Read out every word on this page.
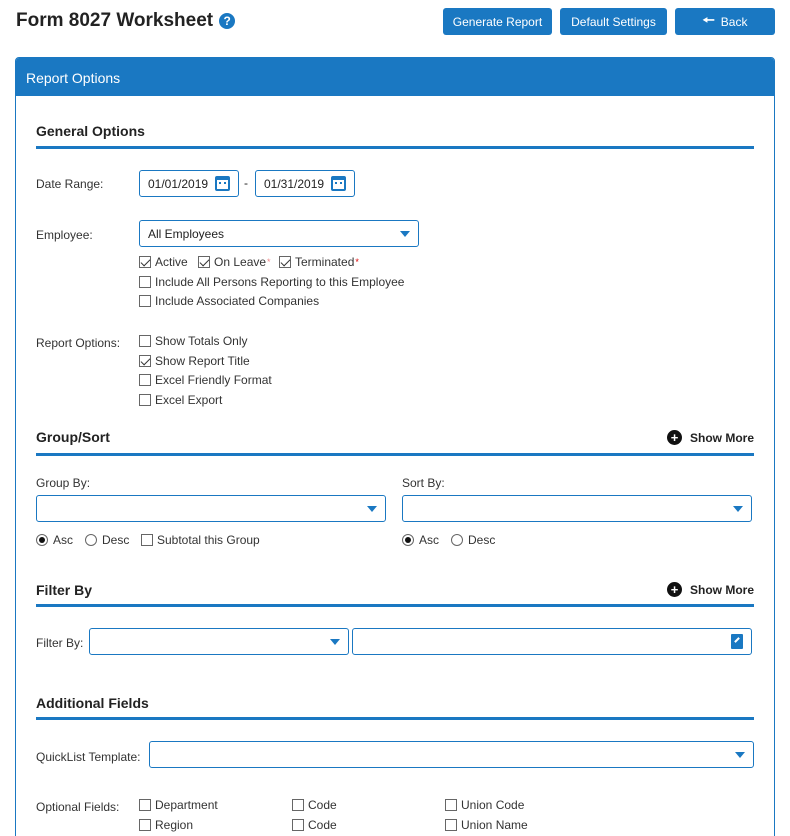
Form 8027 Worksheet ?	Generate Report	Default Settings	🠔 Back
Report Options
General Options
Date Range:	01/01/2019	- 01/31/2019
Employee:	All Employees
Active On Leave * Terminated *
Include All Persons Reporting to this Employee
Include Associated Companies
Report Options:	Show Totals Only
Show Report Title
Excel Friendly Format
Excel Export
Group/Sort	+ Show More
Group By:	Sort By:
Asc Desc Subtotal this Group	Asc Desc
Filter By	+ Show More
Filter By:
Additional Fields
QuickList Template:
Optional Fields:	Department	Code	Union Code
Region	Code	Union Name
